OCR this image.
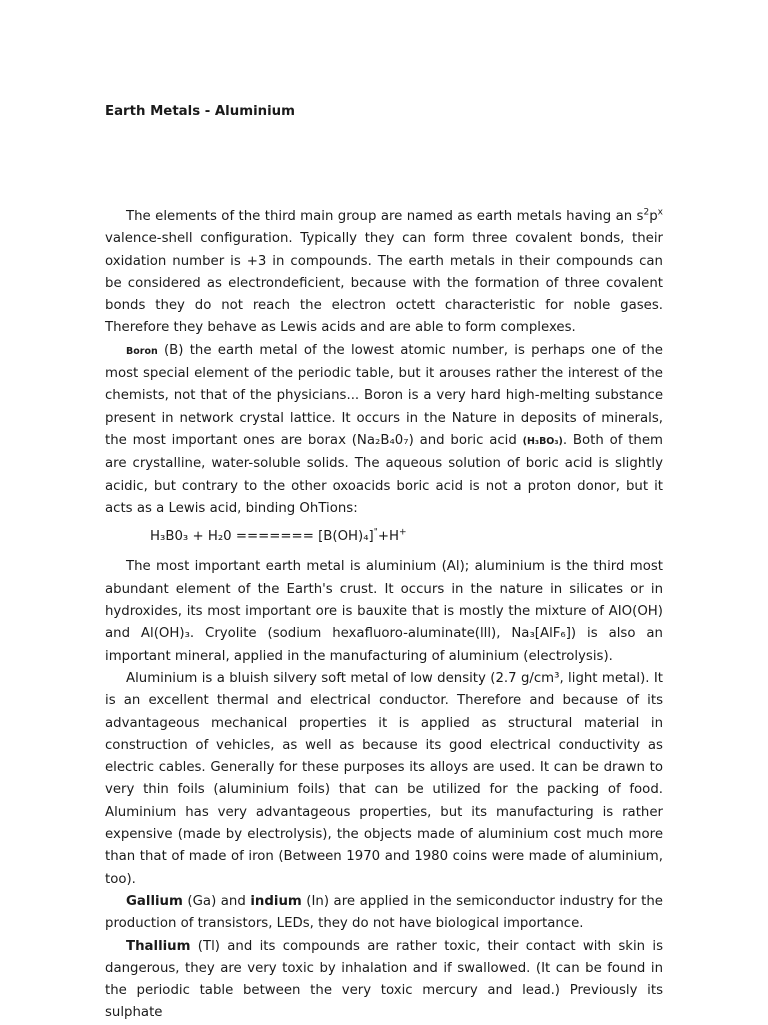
Earth Metals - Aluminium

The elements of the third main group are named as earth metals having an $s^2p^x$ valence-shell configuration. Typically they can form three covalent bonds, their oxidation number is +3 in compounds. The earth metals in their compounds can be considered as electrondeficient, because with the formation of three covalent bonds they do not reach the electron octett characteristic for noble gases. Therefore they behave as Lewis acids and are able to form complexes.

Boron (B) the earth metal of the lowest atomic number, is perhaps one of the most special element of the periodic table, but it arouses rather the interest of the chemists, not that of the physicians... Boron is a very hard high-melting substance present in network crystal lattice. It occurs in the Nature in deposits of minerals, the most important ones are borax (Na₂B₄0₇) and boric acid (H₃BO₃). Both of them are crystalline, water-soluble solids. The aqueous solution of boric acid is slightly acidic, but contrary to the other oxoacids boric acid is not a proton donor, but it acts as a Lewis acid, binding OhTions:

H₃B0₃ + H₂0 ======= [B(OH)₄]"+H+

The most important earth metal is aluminium (Al); aluminium is the third most abundant element of the Earth's crust. It occurs in the nature in silicates or in hydroxides, its most important ore is bauxite that is mostly the mixture of AIO(OH) and Al(OH)₃. Cryolite (sodium hexafluoro-aluminate(lll), Na₃[AlF₆]) is also an important mineral, applied in the manufacturing of aluminium (electrolysis).

Aluminium is a bluish silvery soft metal of low density (2.7 g/cm³, light metal). It is an excellent thermal and electrical conductor. Therefore and because of its advantageous mechanical properties it is applied as structural material in construction of vehicles, as well as because its good electrical conductivity as electric cables. Generally for these purposes its alloys are used. It can be drawn to very thin foils (aluminium foils) that can be utilized for the packing of food. Aluminium has very advantageous properties, but its manufacturing is rather expensive (made by electrolysis), the objects made of aluminium cost much more than that of made of iron (Between 1970 and 1980 coins were made of aluminium, too).

Gallium (Ga) and indium (In) are applied in the semiconductor industry for the production of transistors, LEDs, they do not have biological importance.

Thallium (Tl) and its compounds are rather toxic, their contact with skin is dangerous, they are very toxic by inhalation and if swallowed. (It can be found in the periodic table between the very toxic mercury and lead.) Previously its sulphate
